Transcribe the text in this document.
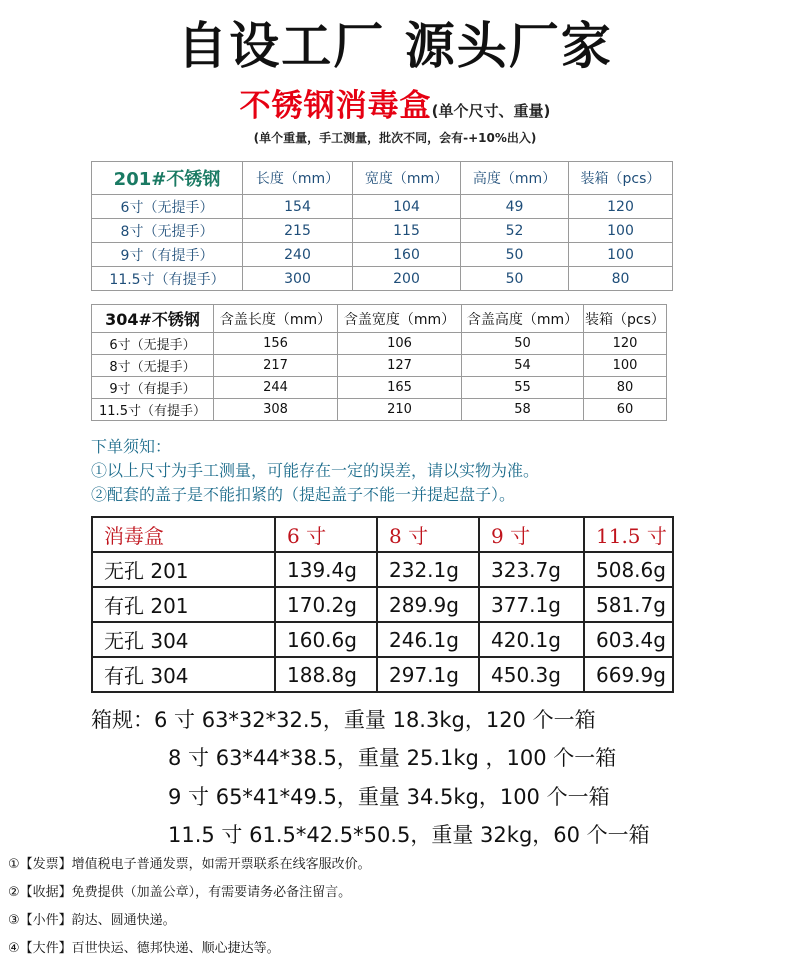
自设工厂 源头厂家
不锈钢消毒盒(单个尺寸、重量)
(单个重量，手工测量，批次不同，会有-+10%出入)
201#不锈钢	长度（mm）	宽度（mm）	高度（mm）	装箱（pcs）
6寸（无提手）	154	104	49	120
8寸（无提手）	215	115	52	100
9寸（有提手）	240	160	50	100
11.5寸（有提手）	300	200	50	80
304#不锈钢	含盖长度（mm）	含盖宽度（mm）	含盖高度（mm）	装箱（pcs）
6寸（无提手）	156	106	50	120
8寸（无提手）	217	127	54	100
9寸（有提手）	244	165	55	80
11.5寸（有提手）	308	210	58	60
下单须知：
①以上尺寸为手工测量，可能存在一定的误差，请以实物为准。
②配套的盖子是不能扣紧的（提起盖子不能一并提起盘子）。
消毒盒	6 寸	8 寸	9 寸	11.5 寸
无孔 201	139.4g	232.1g	323.7g	508.6g
有孔 201	170.2g	289.9g	377.1g	581.7g
无孔 304	160.6g	246.1g	420.1g	603.4g
有孔 304	188.8g	297.1g	450.3g	669.9g
箱规：6 寸 63*32*32.5，重量 18.3kg，120 个一箱
8 寸 63*44*38.5，重量 25.1kg ，100 个一箱
9 寸 65*41*49.5，重量 34.5kg，100 个一箱
11.5 寸 61.5*42.5*50.5，重量 32kg，60 个一箱
①【发票】增值税电子普通发票，如需开票联系在线客服改价。
②【收据】免费提供（加盖公章），有需要请务必备注留言。
③【小件】韵达、圆通快递。
④【大件】百世快运、德邦快递、顺心捷达等。
